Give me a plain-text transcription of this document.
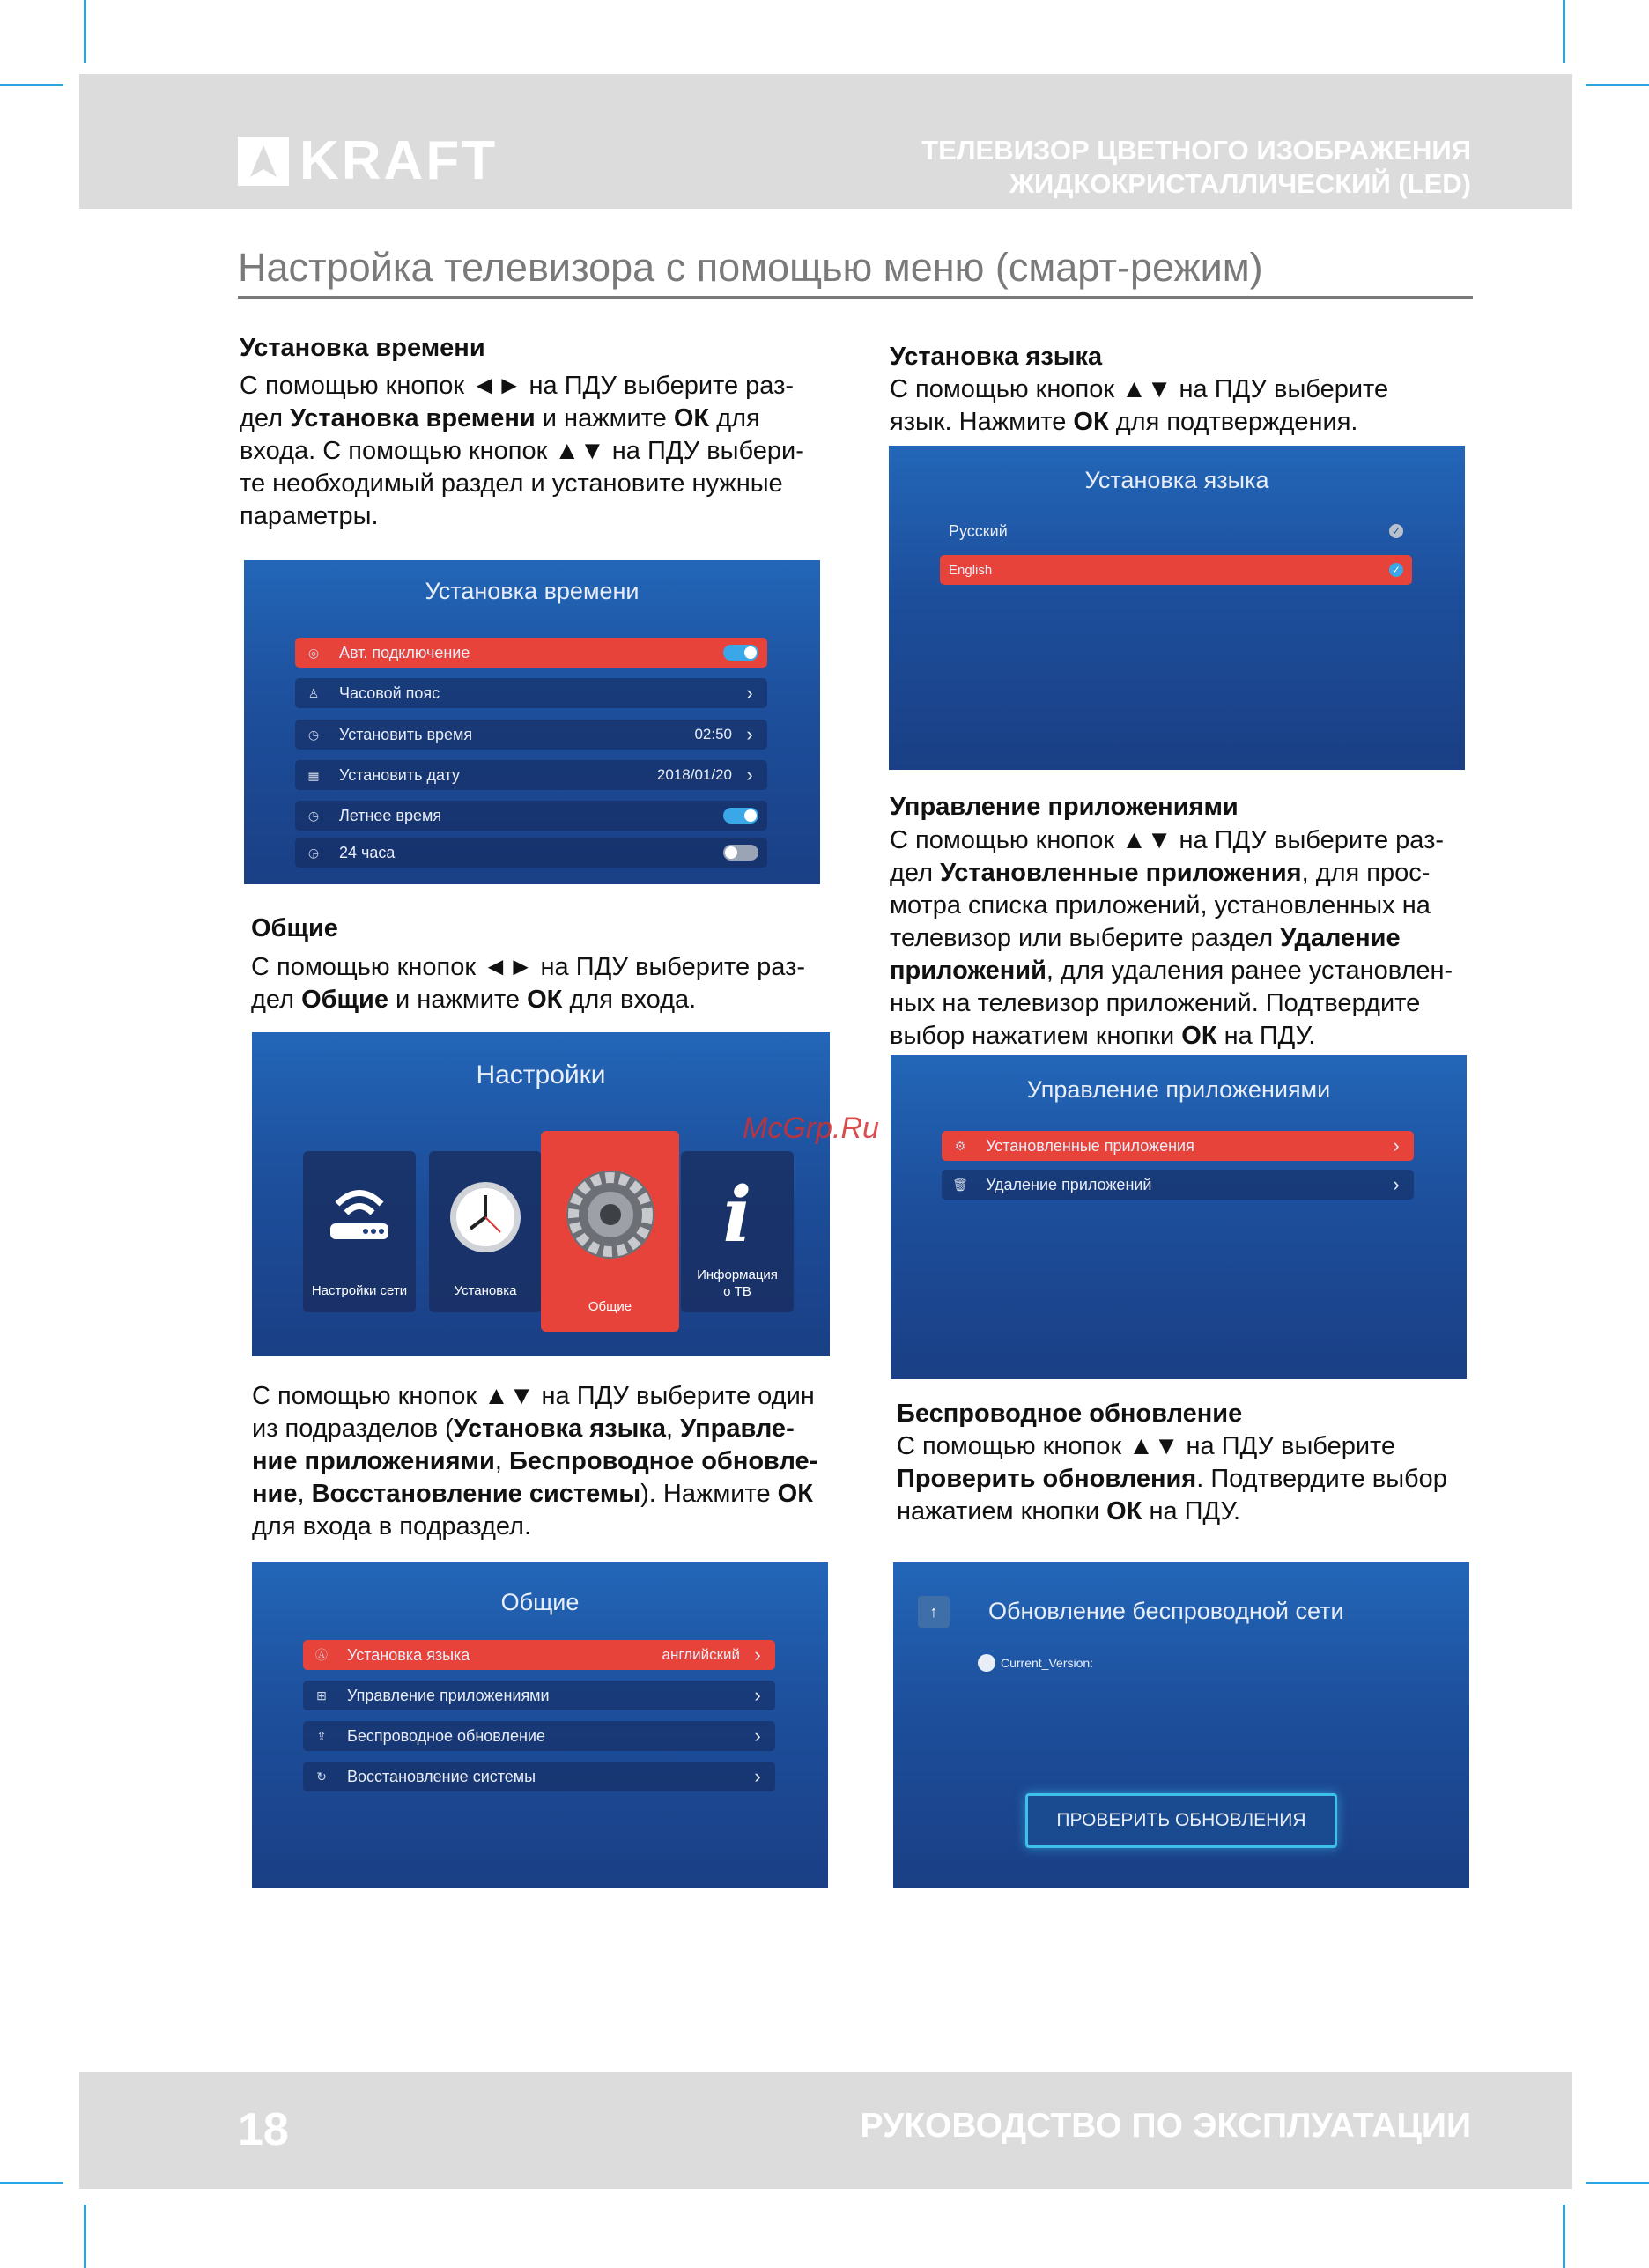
KRAFT	ТЕЛЕВИЗОР ЦВЕТНОГО ИЗОБРАЖЕНИЯ
ЖИДКОКРИСТАЛЛИЧЕСКИЙ (LED)
Настройка телевизора с помощью меню (смарт-режим)
Установка времени
С помощью кнопок ◄► на ПДУ выберите раз-
дел Установка времени и нажмите ОК для
входа. С помощью кнопок ▲▼ на ПДУ выбери-
те необходимый раздел и установите нужные
параметры.
Установка времени
◎ Авт. подключение
♙ Часовой пояс	›
◷ Установить время	02:50 ›
▦ Установить дату	2018/01/20 ›
◷ Летнее время
◶ 24 часа
Общие
С помощью кнопок ◄► на ПДУ выберите раз-
дел Общие и нажмите ОК для входа.
Настройки
Настройки сети	Установка
Общие
i
Информация
о ТВ
С помощью кнопок ▲▼ на ПДУ выберите один
из подразделов (Установка языка, Управле-
ние приложениями, Беспроводное обновле-
ние, Восстановление системы). Нажмите ОК
для входа в подраздел.
Общие
Ⓐ Установка языка	английский ›
⊞ Управление приложениями	›
⇪ Беспроводное обновление	›
↻ Восстановление системы	›
Установка языка
С помощью кнопок ▲▼ на ПДУ выберите
язык. Нажмите ОК для подтверждения.
Установка языка
Русский	✓
English	✓
Управление приложениями
С помощью кнопок ▲▼ на ПДУ выберите раз-
дел Установленные приложения, для прос-
мотра списка приложений, установленных на
телевизор или выберите раздел Удаление
приложений, для удаления ранее установлен-
ных на телевизор приложений. Подтвердите
выбор нажатием кнопки ОК на ПДУ.
Управление приложениями
⚙ Установленные приложения	›
🗑 Удаление приложений	›
Беспроводное обновление
С помощью кнопок ▲▼ на ПДУ выберите
Проверить обновления. Подтвердите выбор
нажатием кнопки ОК на ПДУ.
↑	Обновление беспроводной сети
Current_Version:
ПРОВЕРИТЬ ОБНОВЛЕНИЯ
McGrp.Ru
18	РУКОВОДСТВО ПО ЭКСПЛУАТАЦИИ
